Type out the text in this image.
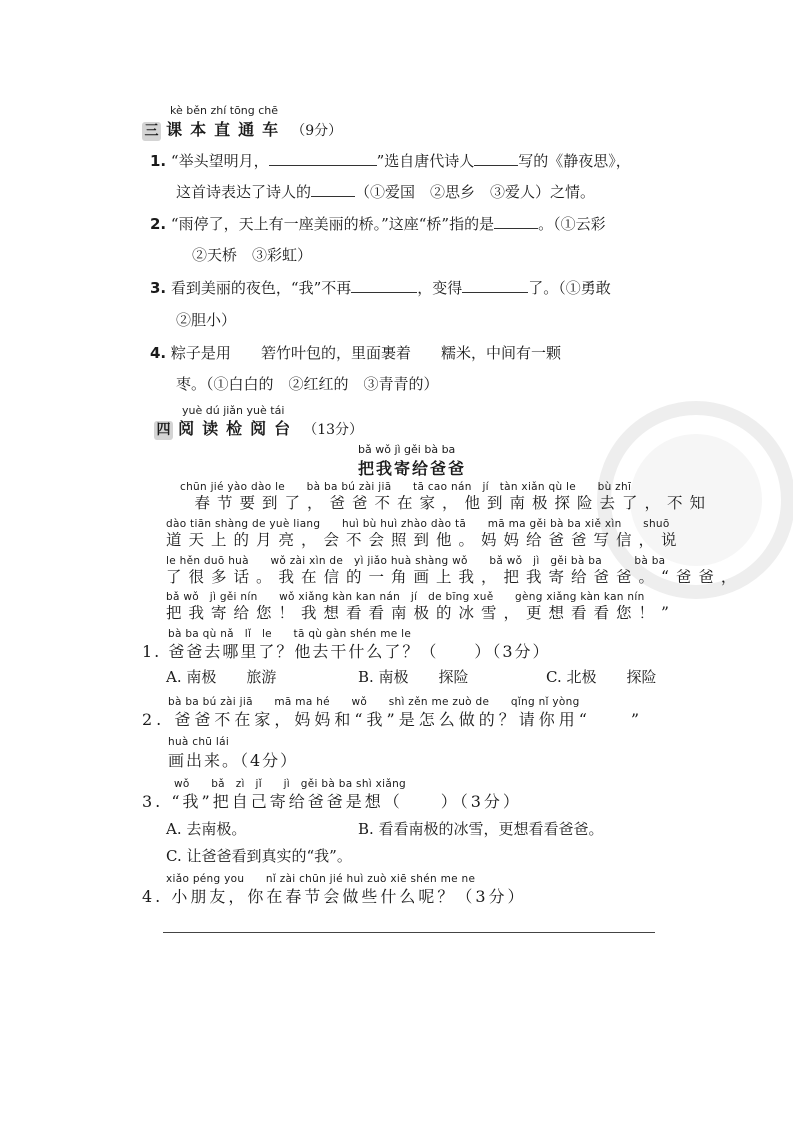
kè běn zhí tōng chē
三 课本直通车 （9分）
1. “举头望明月，	”选自唐代诗人	写的《静夜思》，
这首诗表达了诗人的	（①爱国　②思乡　③爱人）之情。
2. “雨停了，天上有一座美丽的桥。”这座“桥”指的是	。（①云彩
②天桥　③彩虹）
3. 看到美丽的夜色，“我”不再	，变得	了。（①勇敢
②胆小）
4. 粽子是用 箬竹叶包的，里面裹着 糯米，中间有一颗
枣。（①白白的　②红红的　③青青的）
yuè dú jiǎn yuè tái
四 阅读检阅台 （13分）
bǎ wǒ jì gěi bà ba
把我寄给爸爸
chūn jié yào dào le　　bà ba bú zài jiā　　tā cao nán　jí　tàn xiǎn qù le　　bù zhī
　春节要到了，爸爸不在家，他到南极探险去了，不知
dào tiān shàng de yuè liang　　huì bù huì zhào dào tā　　mā ma gěi bà ba xiě xìn　　shuō
道天上的月亮，会不会照到他。妈妈给爸爸写信，说
le hěn duō huà　　wǒ zài xìn de　yì jiǎo huà shàng wǒ　　bǎ wǒ　jì　gěi bà ba　　　bà ba
了很多话。我在信的一角画上我，把我寄给爸爸。“爸爸，
bǎ wǒ　jì gěi nín　　wǒ xiǎng kàn kan nán　jí　de bīng xuě　　gèng xiǎng kàn kan nín
把我寄给您！我想看看南极的冰雪，更想看看您！”
bà ba qù nǎ　lǐ　le　　tā qù gàn shén me le
1. 爸爸去哪里了？他去干什么了？（　　）（3分）
A. 南极　　旅游	B. 南极　　探险	C. 北极　　探险
bà ba bú zài jiā　　mā ma hé　　wǒ　　shì zěn me zuò de　　qǐng nǐ yòng
2. 爸爸不在家，妈妈和“我”是怎么做的？请你用“　　”
huà chū lái
画出来。（4分）
wǒ　　bǎ　zì　jǐ　　jì　gěi bà ba shì xiǎng
3. “我”把自己寄给爸爸是想（　　）（3分）
A. 去南极。	B. 看看南极的冰雪，更想看看爸爸。
C. 让爸爸看到真实的“我”。
xiǎo péng you　　nǐ zài chūn jié huì zuò xiē shén me ne
4. 小朋友，你在春节会做些什么呢？（3分）
